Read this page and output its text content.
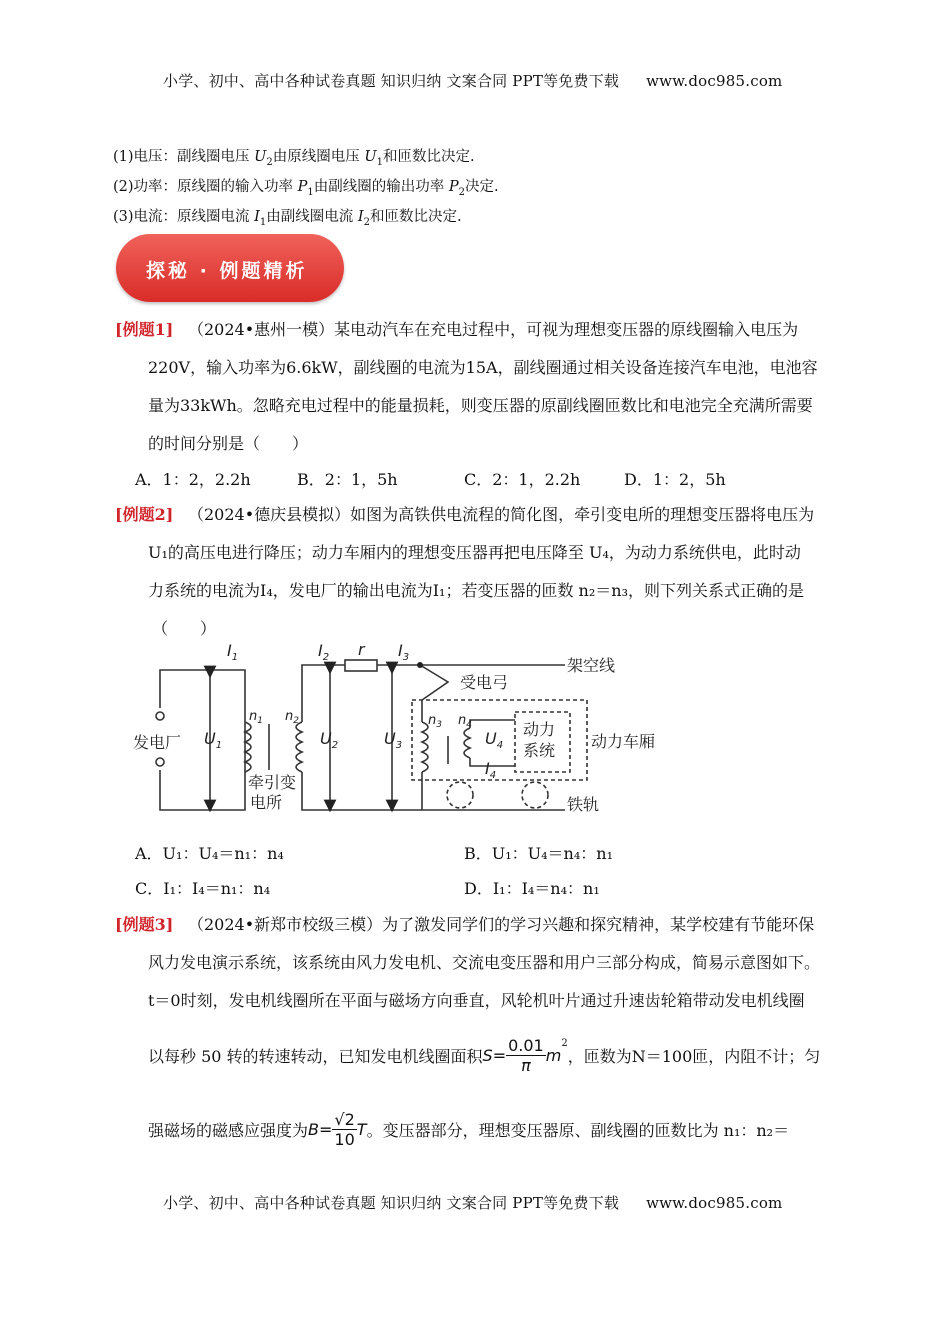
小学、初中、高中各种试卷真题 知识归纳 文案合同 PPT等免费下载 www.doc985.com
(1)电压：副线圈电压 $U_2$由原线圈电压 $U_1$和匝数比决定.
(2)功率：原线圈的输入功率 $P_1$由副线圈的输出功率 $P_2$决定.
(3)电流：原线圈电流 $I_1$由副线圈电流 $I_2$和匝数比决定.
探秘 · 例题精析
[例题1] （2024•惠州一模）某电动汽车在充电过程中，可视为理想变压器的原线圈输入电压为
220V，输入功率为6.6kW，副线圈的电流为15A，副线圈通过相关设备连接汽车电池，电池容
量为33kWh。忽略充电过程中的能量损耗，则变压器的原副线圈匝数比和电池完全充满所需要
的时间分别是（　　）
A．1：2，2.2h	B．2：1，5h	C．2：1，2.2h	D．1：2，5h
[例题2] （2024•德庆县模拟）如图为高铁供电流程的简化图，牵引变电所的理想变压器将电压为
U₁的高压电进行降压；动力车厢内的理想变压器再把电压降至 U₄，为动力系统供电，此时动
力系统的电流为I₄，发电厂的输出电流为I₁；若变压器的匝数 n₂＝n₃，则下列关系式正确的是
（　　）
$I_1$	$I_2$ r $I_3$
$U_1$
$n_1$ $n_2$
$U_2$	$U_3$
$n_3$ $n_4$
$U_4$
$I_4$
发电厂
牵引变
电所
架空线
受电弓
动力
系统 动力车厢
铁轨
A．U₁：U₄＝n₁：n₄	B．U₁：U₄＝n₄：n₁
C．I₁：I₄＝n₁：n₄	D．I₁：I₄＝n₄：n₁
[例题3] （2024•新郑市校级三模）为了激发同学们的学习兴趣和探究精神，某学校建有节能环保
风力发电演示系统，该系统由风力发电机、交流电变压器和用户三部分构成，简易示意图如下。
t＝0时刻，发电机线圈所在平面与磁场方向垂直，风轮机叶片通过升速齿轮箱带动发电机线圈
以每秒 50 转的转速转动，已知发电机线圈面积$S= \frac{0.01}{\pi} m^2$，匝数为N＝100匝，内阻不计；匀
强磁场的磁感应强度为$B= \frac{√2}{10}$ T。变压器部分，理想变压器原、副线圈的匝数比为 n₁：n₂＝
小学、初中、高中各种试卷真题 知识归纳 文案合同 PPT等免费下载 www.doc985.com
